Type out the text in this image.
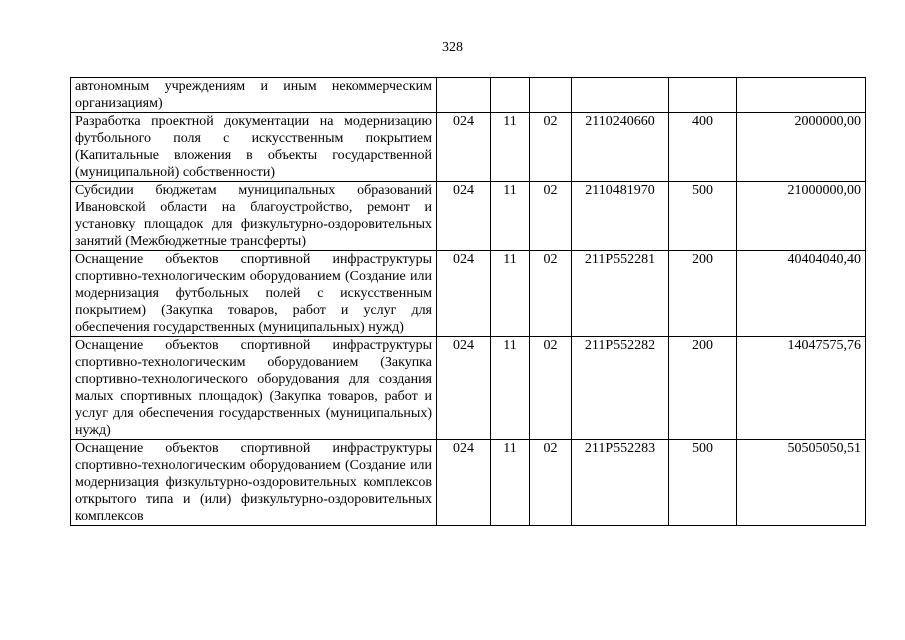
328
автономным учреждениям и иным некоммерческим организациям)						
Разработка проектной документации на модернизацию футбольного поля с искусственным покрытием (Капитальные вложения в объекты государственной (муниципальной) собственности)	024	11	02	2110240660	400	2000000,00
Субсидии бюджетам муниципальных образований Ивановской области на благоустройство, ремонт и установку площадок для физкультурно-оздоровительных занятий (Межбюджетные трансферты)	024	11	02	2110481970	500	21000000,00
Оснащение объектов спортивной инфраструктуры спортивно-технологическим оборудованием (Создание или модернизация футбольных полей с искусственным покрытием) (Закупка товаров, работ и услуг для обеспечения государственных (муниципальных) нужд)	024	11	02	211P552281	200	40404040,40
Оснащение объектов спортивной инфраструктуры спортивно-технологическим оборудованием (Закупка спортивно-технологического оборудования для создания малых спортивных площадок) (Закупка товаров, работ и услуг для обеспечения государственных (муниципальных) нужд)	024	11	02	211P552282	200	14047575,76
Оснащение объектов спортивной инфраструктуры спортивно-технологическим оборудованием (Создание или модернизация физкультурно-оздоровительных комплексов открытого типа и (или) физкультурно-оздоровительных комплексов	024	11	02	211P552283	500	50505050,51
